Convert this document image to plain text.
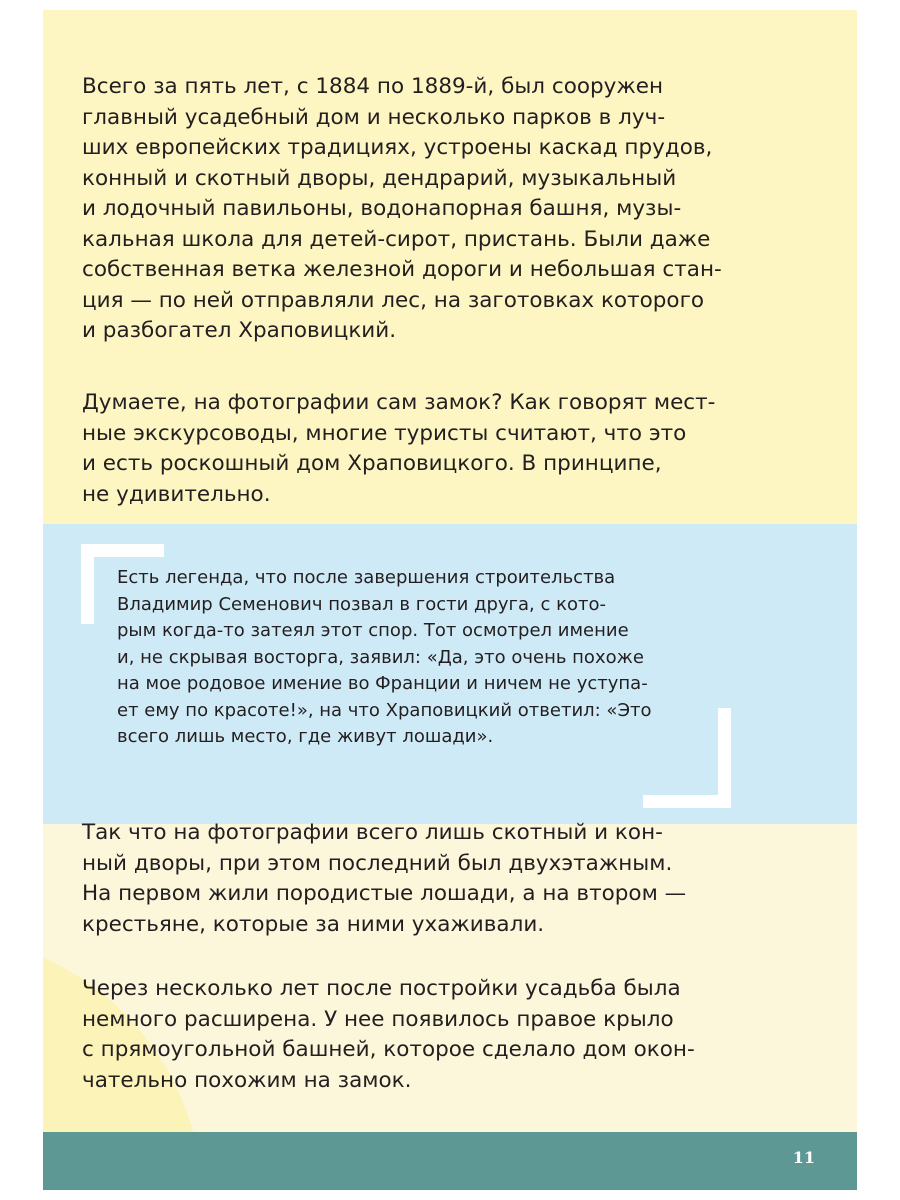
11

Всего за пять лет, с 1884 по 1889-й, был сооружен
главный усадебный дом и несколько парков в луч-
ших европейских традициях, устроены каскад прудов,
конный и скотный дворы, дендрарий, музыкальный
и лодочный павильоны, водонапорная башня, музы-
кальная школа для детей-сирот, пристань. Были даже
собственная ветка железной дороги и небольшая стан-
ция — по ней отправляли лес, на заготовках которого
и разбогател Храповицкий.

Думаете, на фотографии сам замок? Как говорят мест-
ные экскурсоводы, многие туристы считают, что это
и есть роскошный дом Храповицкого. В принципе,
не удивительно.

Есть легенда, что после завершения строительства
Владимир Семенович позвал в гости друга, с кото-
рым когда-то затеял этот спор. Тот осмотрел имение
и, не скрывая восторга, заявил: «Да, это очень похоже
на мое родовое имение во Франции и ничем не уступа-
ет ему по красоте!», на что Храповицкий ответил: «Это
всего лишь место, где живут лошади».

Так что на фотографии всего лишь скотный и кон-
ный дворы, при этом последний был двухэтажным.
На первом жили породистые лошади, а на втором —
крестьяне, которые за ними ухаживали.

Через несколько лет после постройки усадьба была
немного расширена. У нее появилось правое крыло
с прямоугольной башней, которое сделало дом окон-
чательно похожим на замок.
